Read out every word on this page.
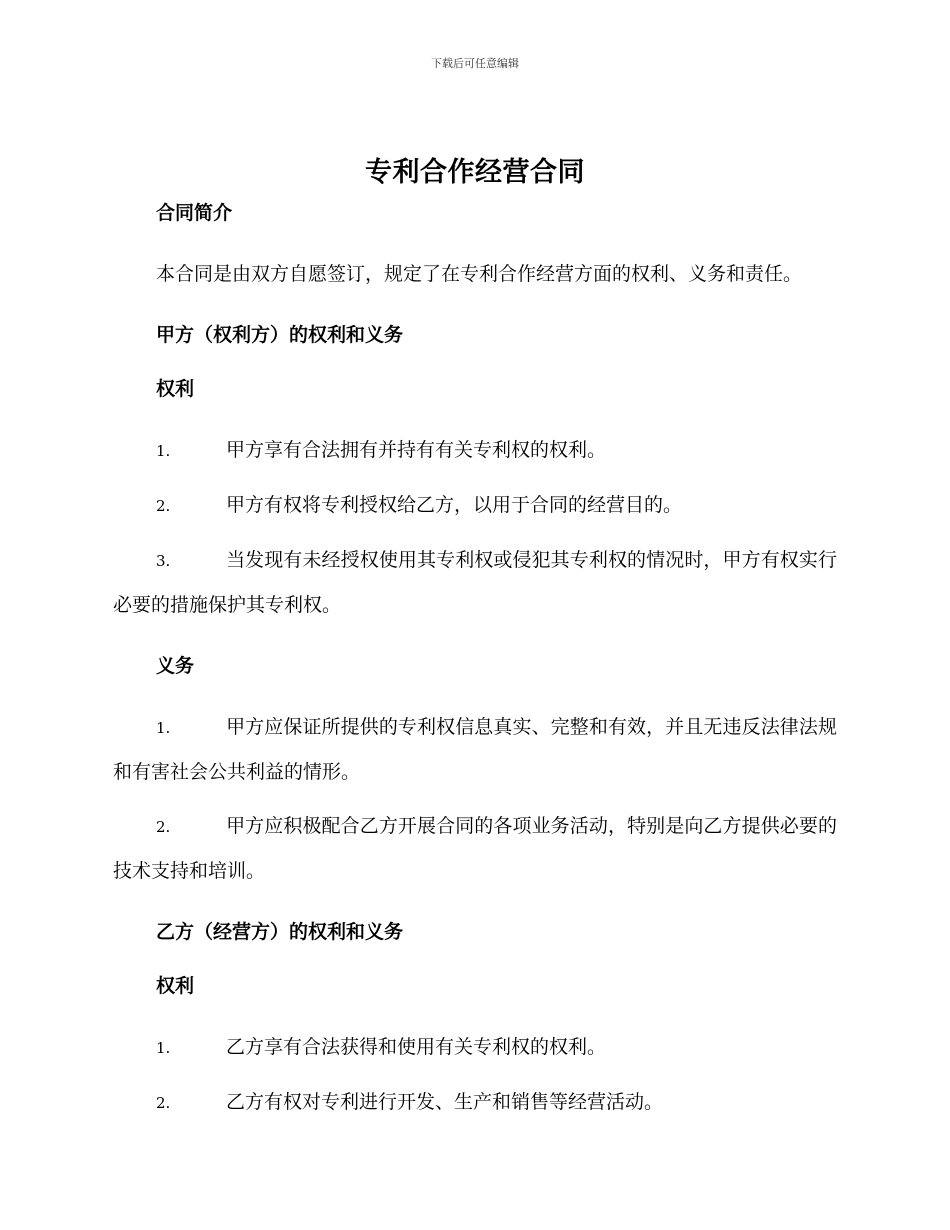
下载后可任意编辑
专利合作经营合同
合同简介
本合同是由双方自愿签订，规定了在专利合作经营方面的权利、义务和责任。
甲方（权利方）的权利和义务
权利
1.	甲方享有合法拥有并持有有关专利权的权利。
2.	甲方有权将专利授权给乙方，以用于合同的经营目的。
3.	当发现有未经授权使用其专利权或侵犯其专利权的情况时，甲方有权实行必要的措施保护其专利权。
义务
1.	甲方应保证所提供的专利权信息真实、完整和有效，并且无违反法律法规和有害社会公共利益的情形。
2.	甲方应积极配合乙方开展合同的各项业务活动，特别是向乙方提供必要的技术支持和培训。
乙方（经营方）的权利和义务
权利
1.	乙方享有合法获得和使用有关专利权的权利。
2.	乙方有权对专利进行开发、生产和销售等经营活动。
